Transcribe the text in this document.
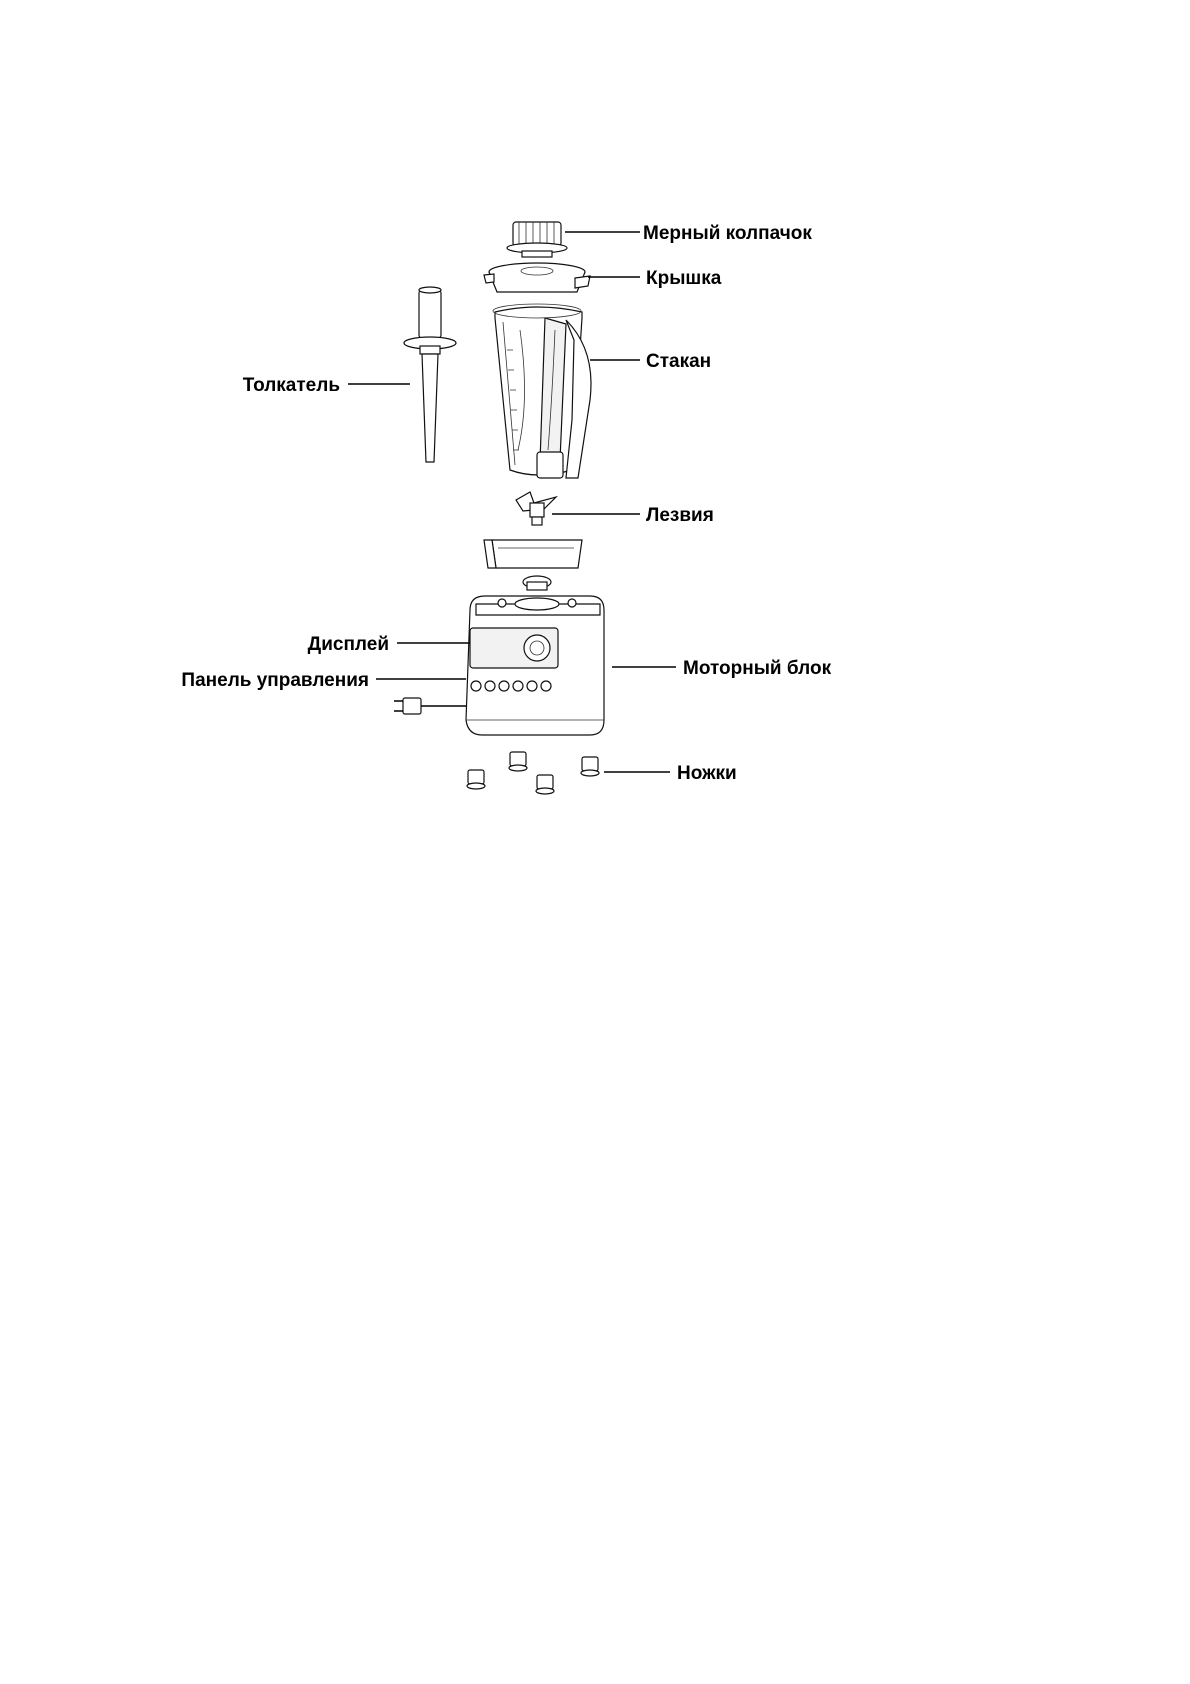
Мерный колпачок
Крышка
Стакан
Толкатель
Лезвия
Дисплей
Панель управления
Моторный блок
Ножки
